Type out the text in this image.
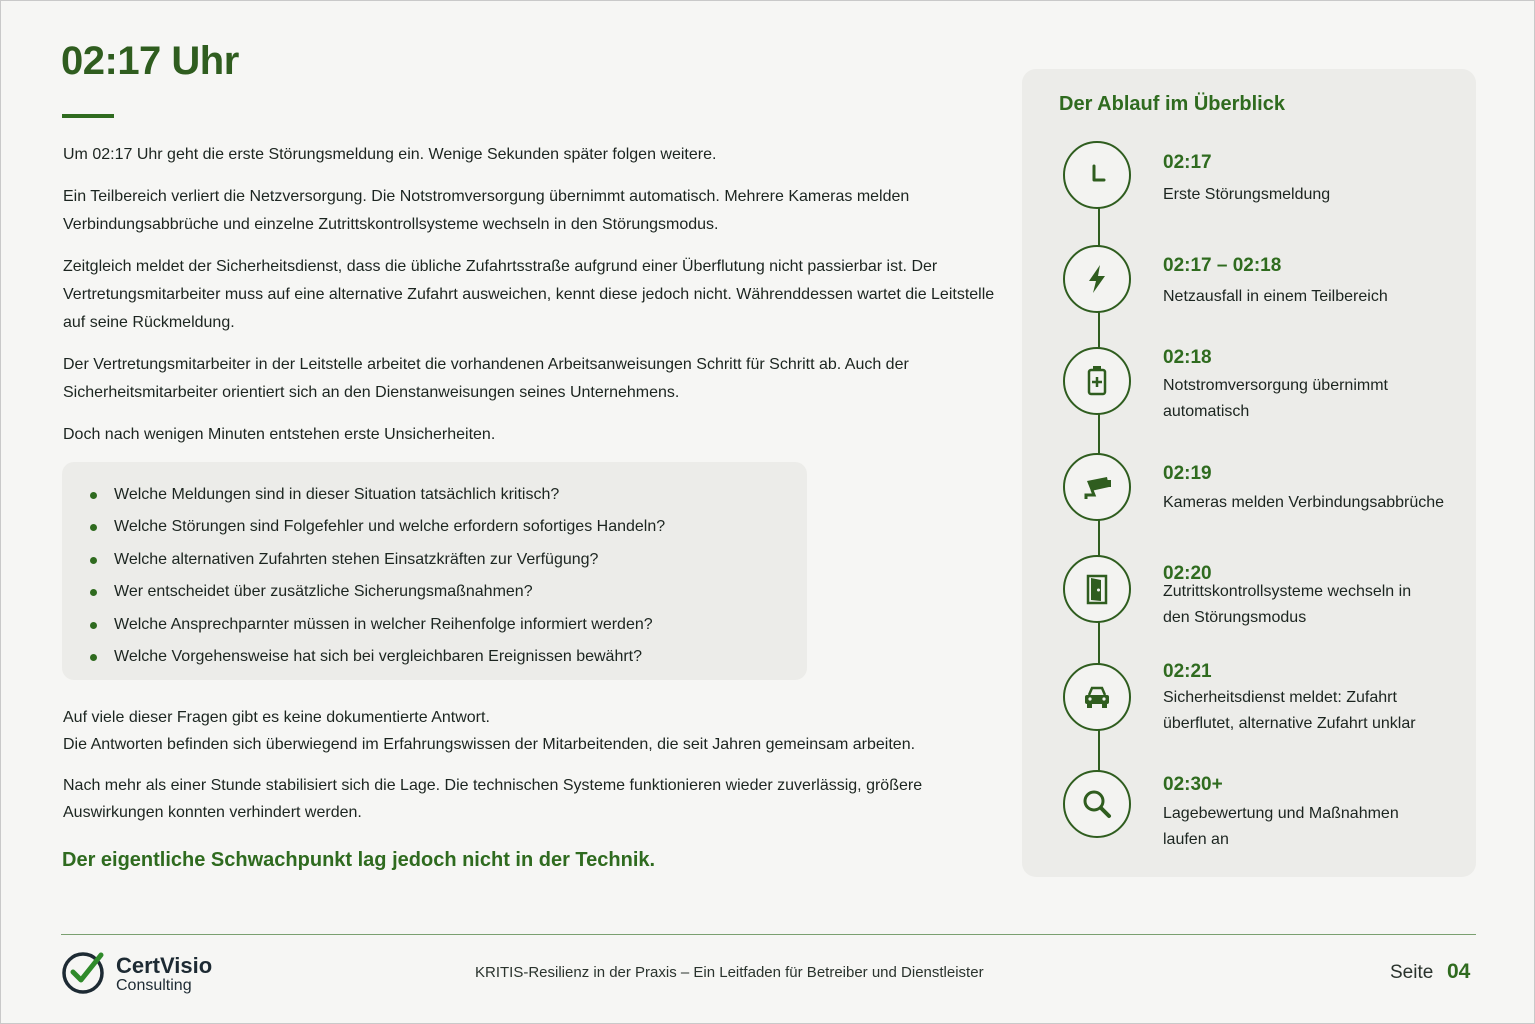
02:17 Uhr

Um 02:17 Uhr geht die erste Störungsmeldung ein. Wenige Sekunden später folgen weitere.

Ein Teilbereich verliert die Netzversorgung. Die Notstromversorgung übernimmt automatisch. Mehrere Kameras melden Verbindungsabbrüche und einzelne Zutrittskontrollsysteme wechseln in den Störungsmodus.

Zeitgleich meldet der Sicherheitsdienst, dass die übliche Zufahrtsstraße aufgrund einer Überflutung nicht passierbar ist. Der Vertretungsmitarbeiter muss auf eine alternative Zufahrt ausweichen, kennt diese jedoch nicht. Währenddessen wartet die Leitstelle auf seine Rückmeldung.

Der Vertretungsmitarbeiter in der Leitstelle arbeitet die vorhandenen Arbeitsanweisungen Schritt für Schritt ab. Auch der Sicherheitsmitarbeiter orientiert sich an den Dienstanweisungen seines Unternehmens.

Doch nach wenigen Minuten entstehen erste Unsicherheiten.

Welche Meldungen sind in dieser Situation tatsächlich kritisch?
Welche Störungen sind Folgefehler und welche erfordern sofortiges Handeln?
Welche alternativen Zufahrten stehen Einsatzkräften zur Verfügung?
Wer entscheidet über zusätzliche Sicherungsmaßnahmen?
Welche Ansprechparnter müssen in welcher Reihenfolge informiert werden?
Welche Vorgehensweise hat sich bei vergleichbaren Ereignissen bewährt?

Auf viele dieser Fragen gibt es keine dokumentierte Antwort.
Die Antworten befinden sich überwiegend im Erfahrungswissen der Mitarbeitenden, die seit Jahren gemeinsam arbeiten.

Nach mehr als einer Stunde stabilisiert sich die Lage. Die technischen Systeme funktionieren wieder zuverlässig, größere Auswirkungen konnten verhindert werden.

Der eigentliche Schwachpunkt lag jedoch nicht in der Technik.

Der Ablauf im Überblick
02:17
Erste Störungsmeldung
02:17 – 02:18
Netzausfall in einem Teilbereich
02:18
Notstromversorgung übernimmt automatisch
02:19
Kameras melden Verbindungsabbrüche
02:20
Zutrittskontrollsysteme wechseln in den Störungsmodus
02:21
Sicherheitsdienst meldet: Zufahrt überflutet, alternative Zufahrt unklar
02:30+
Lagebewertung und Maßnahmen laufen an
CertVisio
Consulting
KRITIS-Resilienz in der Praxis – Ein Leitfaden für Betreiber und Dienstleister	Seite 04
